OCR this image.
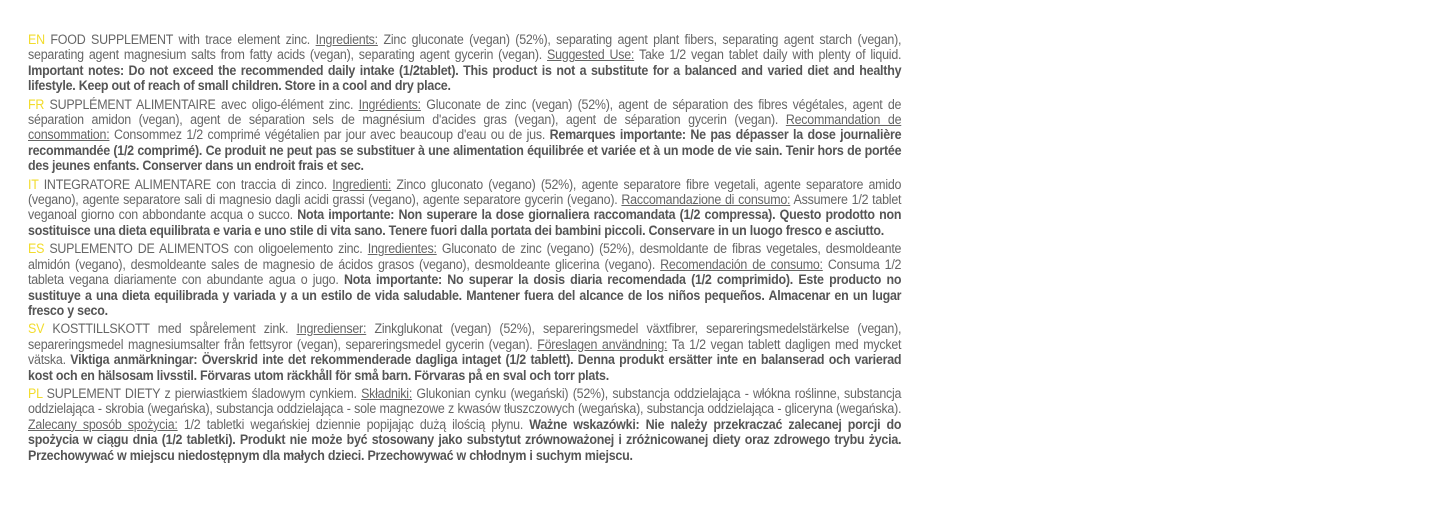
EN FOOD SUPPLEMENT with trace element zinc. Ingredients: Zinc gluconate (vegan) (52%), separating agent plant fibers, separating agent starch (vegan), separating agent magnesium salts from fatty acids (vegan), separating agent gycerin (vegan). Suggested Use: Take 1/2 vegan tablet daily with plenty of liquid. Important notes: Do not exceed the recommended daily intake (1/2tablet). This product is not a substitute for a balanced and varied diet and healthy lifestyle. Keep out of reach of small children. Store in a cool and dry place.

FR SUPPLÉMENT ALIMENTAIRE avec oligo-élément zinc. Ingrédients: Gluconate de zinc (vegan) (52%), agent de séparation des fibres végétales, agent de séparation amidon (vegan), agent de séparation sels de magnésium d'acides gras (vegan), agent de séparation gycerin (vegan). Recommandation de consommation: Consommez 1/2 comprimé végétalien par jour avec beaucoup d'eau ou de jus. Remarques importante: Ne pas dépasser la dose journalière recommandée (1/2 comprimé). Ce produit ne peut pas se substituer à une alimentation équilibrée et variée et à un mode de vie sain. Tenir hors de portée des jeunes enfants. Conserver dans un endroit frais et sec.

IT INTEGRATORE ALIMENTARE con traccia di zinco. Ingredienti: Zinco gluconato (vegano) (52%), agente separatore fibre vegetali, agente separatore amido (vegano), agente separatore sali di magnesio dagli acidi grassi (vegano), agente separatore gycerin (vegano). Raccomandazione di consumo: Assumere 1/2 tablet veganoal giorno con abbondante acqua o succo. Nota importante: Non superare la dose giornaliera raccomandata (1/2 compressa). Questo prodotto non sostituisce una dieta equilibrata e varia e uno stile di vita sano. Tenere fuori dalla portata dei bambini piccoli. Conservare in un luogo fresco e asciutto.

ES SUPLEMENTO DE ALIMENTOS con oligoelemento zinc. Ingredientes: Gluconato de zinc (vegano) (52%), desmoldante de fibras vegetales, desmoldeante almidón (vegano), desmoldeante sales de magnesio de ácidos grasos (vegano), desmoldeante glicerina (vegano). Recomendación de consumo: Consuma 1/2 tableta vegana diariamente con abundante agua o jugo. Nota importante: No superar la dosis diaria recomendada (1/2 comprimido). Este producto no sustituye a una dieta equilibrada y variada y a un estilo de vida saludable. Mantener fuera del alcance de los niños pequeños. Almacenar en un lugar fresco y seco.

SV KOSTTILLSKOTT med spårelement zink. Ingredienser: Zinkglukonat (vegan) (52%), separeringsmedel växtfibrer, separeringsmedelstärkelse (vegan), separeringsmedel magnesiumsalter från fettsyror (vegan), separeringsmedel gycerin (vegan). Föreslagen användning: Ta 1/2 vegan tablett dagligen med mycket vätska. Viktiga anmärkningar: Överskrid inte det rekommenderade dagliga intaget (1/2 tablett). Denna produkt ersätter inte en balanserad och varierad kost och en hälsosam livsstil. Förvaras utom räckhåll för små barn. Förvaras på en sval och torr plats.

PL SUPLEMENT DIETY z pierwiastkiem śladowym cynkiem. Składniki: Glukonian cynku (wegański) (52%), substancja oddzielająca - włókna roślinne, substancja oddzielająca - skrobia (wegańska), substancja oddzielająca - sole magnezowe z kwasów tłuszczowych (wegańska), substancja oddzielająca - gliceryna (wegańska). Zalecany sposób spożycia: 1/2 tabletki wegańskiej dziennie popijając dużą ilością płynu. Ważne wskazówki: Nie należy przekraczać zalecanej porcji do spożycia w ciągu dnia (1/2 tabletki). Produkt nie może być stosowany jako substytut zrównoważonej i zróżnicowanej diety oraz zdrowego trybu życia. Przechowywać w miejscu niedostępnym dla małych dzieci. Przechowywać w chłodnym i suchym miejscu.
